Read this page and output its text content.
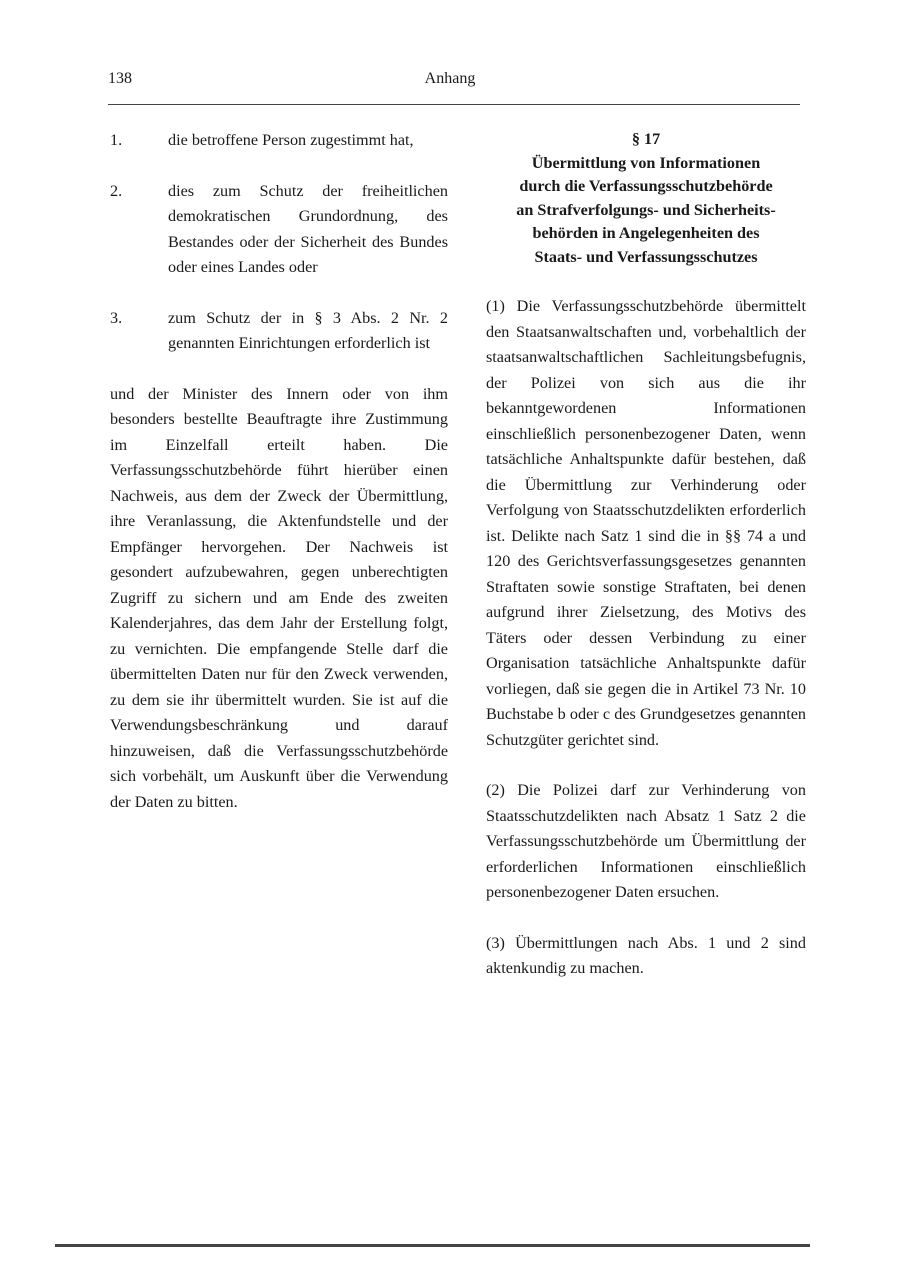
138	Anhang
1.	die betroffene Person zugestimmt hat,
2.	dies zum Schutz der freiheitlichen demokratischen Grundordnung, des Bestandes oder der Sicherheit des Bundes oder eines Landes oder
3.	zum Schutz der in § 3 Abs. 2 Nr. 2 genannten Einrichtungen erforderlich ist

und der Minister des Innern oder von ihm besonders bestellte Beauftragte ihre Zustimmung im Einzelfall erteilt haben. Die Verfassungsschutzbehörde führt hierüber einen Nachweis, aus dem der Zweck der Übermittlung, ihre Veranlassung, die Aktenfundstelle und der Empfänger hervorgehen. Der Nachweis ist gesondert aufzubewahren, gegen unberechtigten Zugriff zu sichern und am Ende des zweiten Kalenderjahres, das dem Jahr der Erstellung folgt, zu vernichten. Die empfangende Stelle darf die übermittelten Daten nur für den Zweck verwenden, zu dem sie ihr übermittelt wurden. Sie ist auf die Verwendungsbeschränkung und darauf hinzuweisen, daß die Verfassungsschutzbehörde sich vorbehält, um Auskunft über die Verwendung der Daten zu bitten.

§ 17
Übermittlung von Informationen
durch die Verfassungsschutzbehörde
an Strafverfolgungs- und Sicherheits-
behörden in Angelegenheiten des
Staats- und Verfassungsschutzes

(1) Die Verfassungsschutzbehörde übermittelt den Staatsanwaltschaften und, vorbehaltlich der staatsanwaltschaftlichen Sachleitungsbefugnis, der Polizei von sich aus die ihr bekanntgewordenen Informationen einschließlich personenbezogener Daten, wenn tatsächliche Anhaltspunkte dafür bestehen, daß die Übermittlung zur Verhinderung oder Verfolgung von Staatsschutzdelikten erforderlich ist. Delikte nach Satz 1 sind die in §§ 74 a und 120 des Gerichtsverfassungsgesetzes genannten Straftaten sowie sonstige Straftaten, bei denen aufgrund ihrer Zielsetzung, des Motivs des Täters oder dessen Verbindung zu einer Organisation tatsächliche Anhaltspunkte dafür vorliegen, daß sie gegen die in Artikel 73 Nr. 10 Buchstabe b oder c des Grundgesetzes genannten Schutzgüter gerichtet sind.

(2) Die Polizei darf zur Verhinderung von Staatsschutzdelikten nach Absatz 1 Satz 2 die Verfassungsschutzbehörde um Übermittlung der erforderlichen Informationen einschließlich personenbezogener Daten ersuchen.

(3) Übermittlungen nach Abs. 1 und 2 sind aktenkundig zu machen.
